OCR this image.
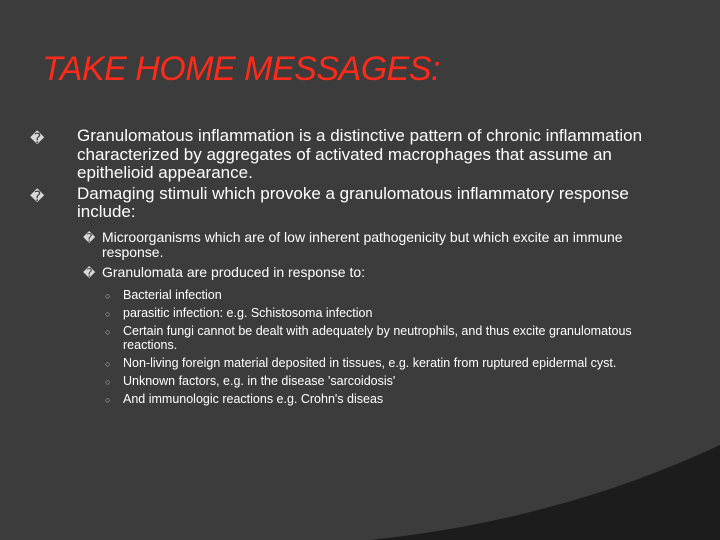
TAKE HOME MESSAGES:
� Granulomatous inflammation is a distinctive pattern of chronic inflammation characterized by aggregates of activated macrophages that assume an epithelioid appearance.
� Damaging stimuli which provoke a granulomatous inflammatory response include:
� Microorganisms which are of low inherent pathogenicity but which excite an immune response.
� Granulomata are produced in response to:
○ Bacterial infection
○ parasitic infection: e.g. Schistosoma infection
○ Certain fungi cannot be dealt with adequately by neutrophils, and thus excite granulomatous reactions.
○ Non-living foreign material deposited in tissues, e.g. keratin from ruptured epidermal cyst.
○ Unknown factors, e.g. in the disease 'sarcoidosis'
○ And immunologic reactions e.g. Crohn's diseas
